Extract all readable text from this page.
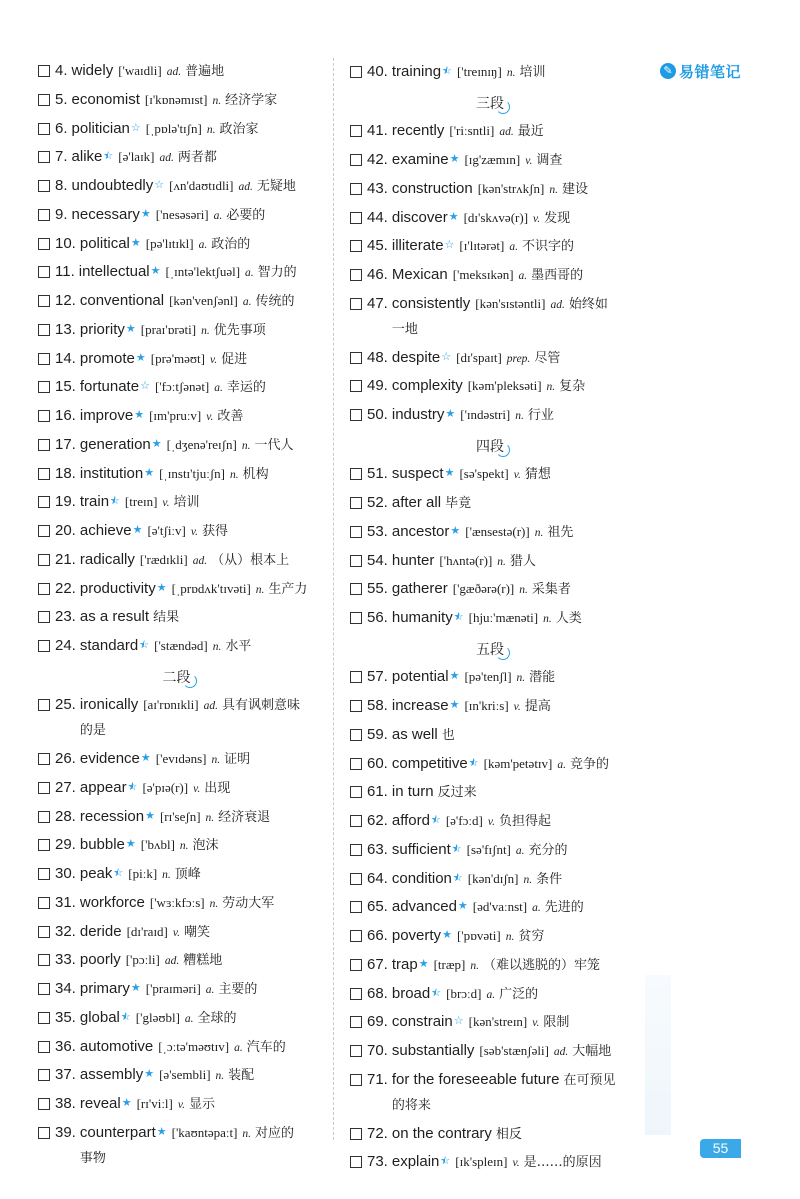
✎ 易错笔记
4. widely ['waɪdli] ad. 普遍地
5. economist [ɪ'kɒnəmɪst] n. 经济学家
6. politician ☆ [ˌpɒlə'tɪʃn] n. 政治家
7. alike ☆ ★ [ə'laɪk] ad. 两者都
8. undoubtedly ☆ [ʌn'daʊtɪdli] ad. 无疑地
9. necessary ★ ['nesəsəri] a. 必要的
10. political ★ [pə'lɪtɪkl] a. 政治的
11. intellectual ★ [ˌɪntə'lektʃuəl] a. 智力的
12. conventional [kən'venʃənl] a. 传统的
13. priority ★ [praɪ'ɒrəti] n. 优先事项
14. promote ★ [prə'məʊt] v. 促进
15. fortunate ☆ ['fɔːtʃənət] a. 幸运的
16. improve ★ [ɪm'pruːv] v. 改善
17. generation ★ [ˌdʒenə'reɪʃn] n. 一代人
18. institution ★ [ˌɪnstɪ'tjuːʃn] n. 机构
19. train ☆ ★ [treɪn] v. 培训
20. achieve ★ [ə'tʃiːv] v. 获得
21. radically ['rædɪkli] ad. （从）根本上
22. productivity ★ [ˌprɒdʌk'tɪvəti] n. 生产力
23. as a result 结果
24. standard ☆ ★ ['stændəd] n. 水平
二段
25. ironically [aɪ'rɒnɪkli] ad. 具有讽刺意味
的是
26. evidence ★ ['evɪdəns] n. 证明
27. appear ☆ ★ [ə'pɪə(r)] v. 出现
28. recession ★ [rɪ'seʃn] n. 经济衰退
29. bubble ★ ['bʌbl] n. 泡沫
30. peak ☆ ★ [piːk] n. 顶峰
31. workforce ['wɜːkfɔːs] n. 劳动大军
32. deride [dɪ'raɪd] v. 嘲笑
33. poorly ['pɔːli] ad. 糟糕地
34. primary ★ ['praɪməri] a. 主要的
35. global ☆ ★ ['gləʊbl] a. 全球的
36. automotive [ˌɔːtə'məʊtɪv] a. 汽车的
37. assembly ★ [ə'sembli] n. 装配
38. reveal ★ [rɪ'viːl] v. 显示
39. counterpart ★ ['kaʊntəpaːt] n. 对应的
事物
40. training ☆ ★ ['treɪnɪŋ] n. 培训
三段
41. recently ['riːsntli] ad. 最近
42. examine ★ [ɪg'zæmɪn] v. 调查
43. construction [kən'strʌkʃn] n. 建设
44. discover ★ [dɪ'skʌvə(r)] v. 发现
45. illiterate ☆ [ɪ'lɪtərət] a. 不识字的
46. Mexican ['meksɪkən] a. 墨西哥的
47. consistently [kən'sɪstəntli] ad. 始终如
一地
48. despite ☆ [dɪ'spaɪt] prep. 尽管
49. complexity [kəm'pleksəti] n. 复杂
50. industry ★ ['ɪndəstri] n. 行业
四段
51. suspect ★ [sə'spekt] v. 猜想
52. after all 毕竟
53. ancestor ★ ['ænsestə(r)] n. 祖先
54. hunter ['hʌntə(r)] n. 猎人
55. gatherer ['gæðərə(r)] n. 采集者
56. humanity ☆ ★ [hjuː'mænəti] n. 人类
五段
57. potential ★ [pə'tenʃl] n. 潜能
58. increase ★ [ɪn'kriːs] v. 提高
59. as well 也
60. competitive ☆ ★ [kəm'petətɪv] a. 竞争的
61. in turn 反过来
62. afford ☆ ★ [ə'fɔːd] v. 负担得起
63. sufficient ☆ ★ [sə'fɪʃnt] a. 充分的
64. condition ☆ ★ [kən'dɪʃn] n. 条件
65. advanced ★ [əd'vaːnst] a. 先进的
66. poverty ★ ['pɒvəti] n. 贫穷
67. trap ★ [træp] n. （难以逃脱的）牢笼
68. broad ☆ ★ [brɔːd] a. 广泛的
69. constrain ☆ [kən'streɪn] v. 限制
70. substantially [səb'stænʃəli] ad. 大幅地
71. for the foreseeable future 在可预见
的将来
72. on the contrary 相反
73. explain ☆ ★ [ɪk'spleɪn] v. 是……的原因
55
